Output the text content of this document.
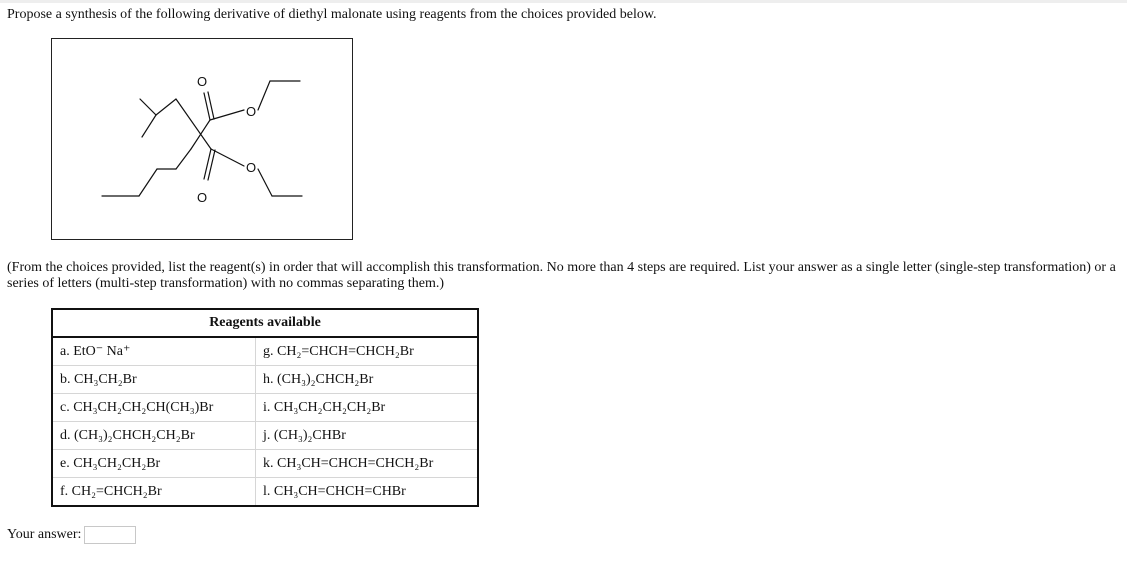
Propose a synthesis of the following derivative of diethyl malonate using reagents from the choices provided below.
O
O
O
O
(From the choices provided, list the reagent(s) in order that will accomplish this transformation. No more than 4 steps are required. List your answer as a single letter (single-step transformation) or a series of letters (multi-step transformation) with no commas separating them.)
Reagents available	
a. EtO⁻ Na⁺	g. CH₂=CHCH=CHCH₂Br
b. CH₃CH₂Br	h. (CH₃)₂CHCH₂Br
c. CH₃CH₂CH₂CH(CH₃)Br	i. CH₃CH₂CH₂CH₂Br
d. (CH₃)₂CHCH₂CH₂Br	j. (CH₃)₂CHBr
e. CH₃CH₂CH₂Br	k. CH₃CH=CHCH=CHCH₂Br
f. CH₂=CHCH₂Br	l. CH₃CH=CHCH=CHBr
Your answer:
